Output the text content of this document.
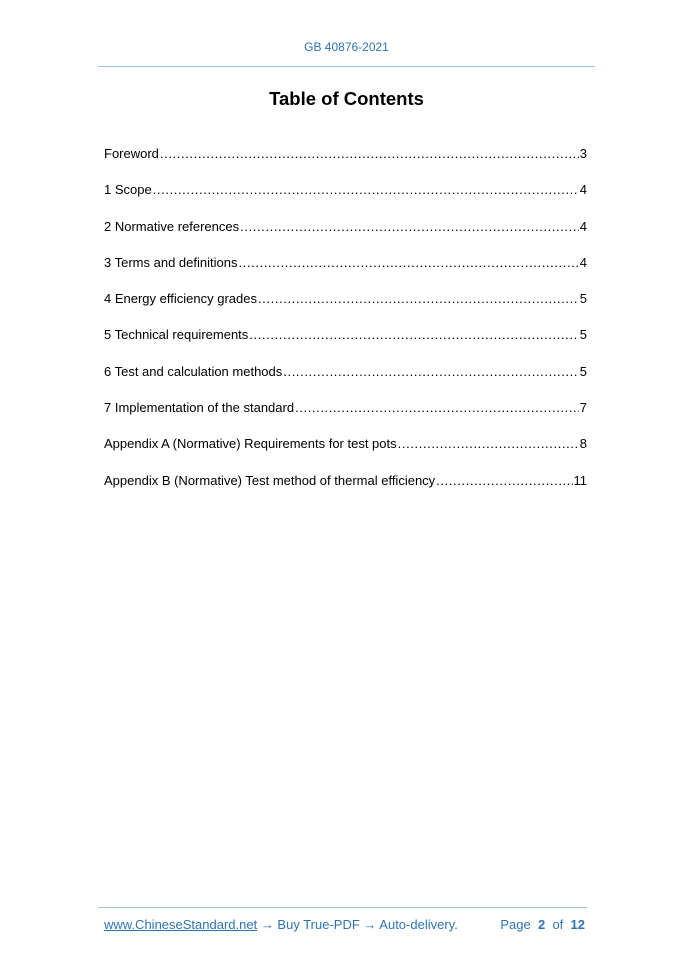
GB 40876-2021
Table of Contents
Foreword .....	3
1 Scope .....	4
2 Normative references .....	4
3 Terms and definitions .....	4
4 Energy efficiency grades .....	5
5 Technical requirements .....	5
6 Test and calculation methods .....	5
7 Implementation of the standard .....	7
Appendix A (Normative) Requirements for test pots .....	8
Appendix B (Normative) Test method of thermal efficiency .....	11
www.ChineseStandard.net → Buy True-PDF → Auto-delivery.	Page 2 of 12
